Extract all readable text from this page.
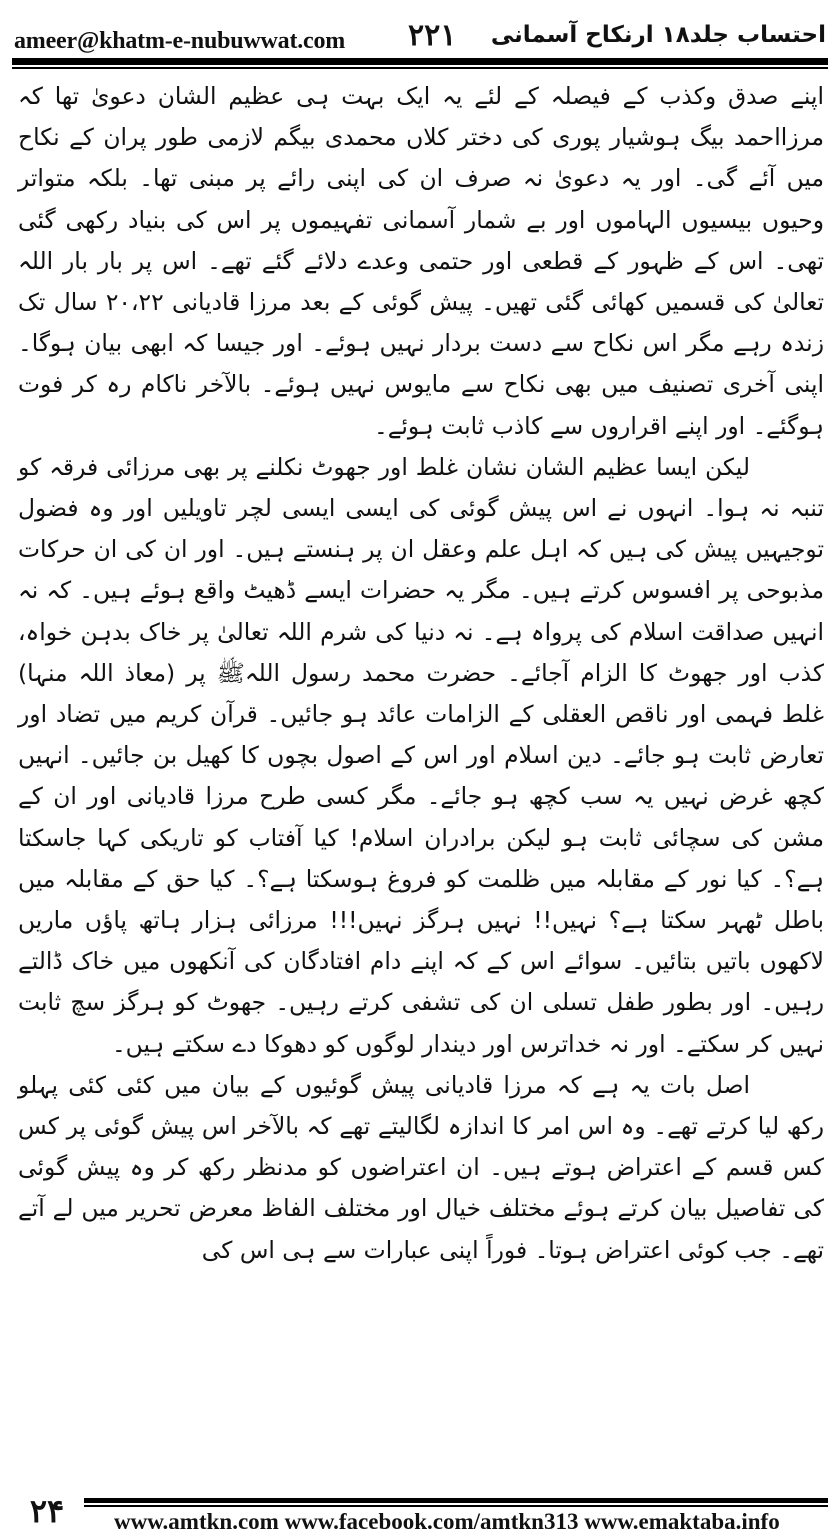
ameer@khatm-e-nubuwwat.com ۲۲۱ احتساب جلد۱۸ ارنکاح آسمانی

اپنے صدق وکذب کے فیصلہ کے لئے یہ ایک بہت ہی عظیم الشان دعویٰ تھا کہ مرزااحمد بیگ ہوشیار پوری کی دختر کلاں محمدی بیگم لازمی طور پران کے نکاح میں آئے گی۔ اور یہ دعویٰ نہ صرف ان کی اپنی رائے پر مبنی تھا۔ بلکہ متواتر وحیوں بیسیوں الہاموں اور بے شمار آسمانی تفہیموں پر اس کی بنیاد رکھی گئی تھی۔ اس کے ظہور کے قطعی اور حتمی وعدے دلائے گئے تھے۔ اس پر بار بار اللہ تعالیٰ کی قسمیں کھائی گئی تھیں۔ پیش گوئی کے بعد مرزا قادیانی ۲۰،۲۲ سال تک زندہ رہے مگر اس نکاح سے دست بردار نہیں ہوئے۔ اور جیسا کہ ابھی بیان ہوگا۔ اپنی آخری تصنیف میں بھی نکاح سے مایوس نہیں ہوئے۔ بالآخر ناکام رہ کر فوت ہوگئے۔ اور اپنے اقراروں سے کاذب ثابت ہوئے۔

لیکن ایسا عظیم الشان نشان غلط اور جھوٹ نکلنے پر بھی مرزائی فرقہ کو تنبہ نہ ہوا۔ انہوں نے اس پیش گوئی کی ایسی ایسی لچر تاویلیں اور وہ فضول توجیہیں پیش کی ہیں کہ اہل علم وعقل ان پر ہنستے ہیں۔ اور ان کی ان حرکات مذبوحی پر افسوس کرتے ہیں۔ مگر یہ حضرات ایسے ڈھیٹ واقع ہوئے ہیں۔ کہ نہ انہیں صداقت اسلام کی پرواہ ہے۔ نہ دنیا کی شرم اللہ تعالیٰ پر خاک بدہن خواہ، کذب اور جھوٹ کا الزام آجائے۔ حضرت محمد رسول اللہﷺ پر (معاذ اللہ منہا) غلط فہمی اور ناقص العقلی کے الزامات عائد ہو جائیں۔ قرآن کریم میں تضاد اور تعارض ثابت ہو جائے۔ دین اسلام اور اس کے اصول بچوں کا کھیل بن جائیں۔ انہیں کچھ غرض نہیں یہ سب کچھ ہو جائے۔ مگر کسی طرح مرزا قادیانی اور ان کے مشن کی سچائی ثابت ہو لیکن برادران اسلام! کیا آفتاب کو تاریکی کہا جاسکتا ہے؟۔ کیا نور کے مقابلہ میں ظلمت کو فروغ ہوسکتا ہے؟۔ کیا حق کے مقابلہ میں باطل ٹھہر سکتا ہے؟ نہیں!! نہیں ہرگز نہیں!!! مرزائی ہزار ہاتھ پاؤں ماریں لاکھوں باتیں بتائیں۔ سوائے اس کے کہ اپنے دام افتادگان کی آنکھوں میں خاک ڈالتے رہیں۔ اور بطور طفل تسلی ان کی تشفی کرتے رہیں۔ جھوٹ کو ہرگز سچ ثابت نہیں کر سکتے۔ اور نہ خداترس اور دیندار لوگوں کو دھوکا دے سکتے ہیں۔

اصل بات یہ ہے کہ مرزا قادیانی پیش گوئیوں کے بیان میں کئی کئی پہلو رکھ لیا کرتے تھے۔ وہ اس امر کا اندازہ لگالیتے تھے کہ بالآخر اس پیش گوئی پر کس کس قسم کے اعتراض ہوتے ہیں۔ ان اعتراضوں کو مدنظر رکھ کر وہ پیش گوئی کی تفاصیل بیان کرتے ہوئے مختلف خیال اور مختلف الفاظ معرض تحریر میں لے آتے تھے۔ جب کوئی اعتراض ہوتا۔ فوراً اپنی عبارات سے ہی اس کی

۲۴	www.amtkn.com www.facebook.com/amtkn313 www.emaktaba.info
